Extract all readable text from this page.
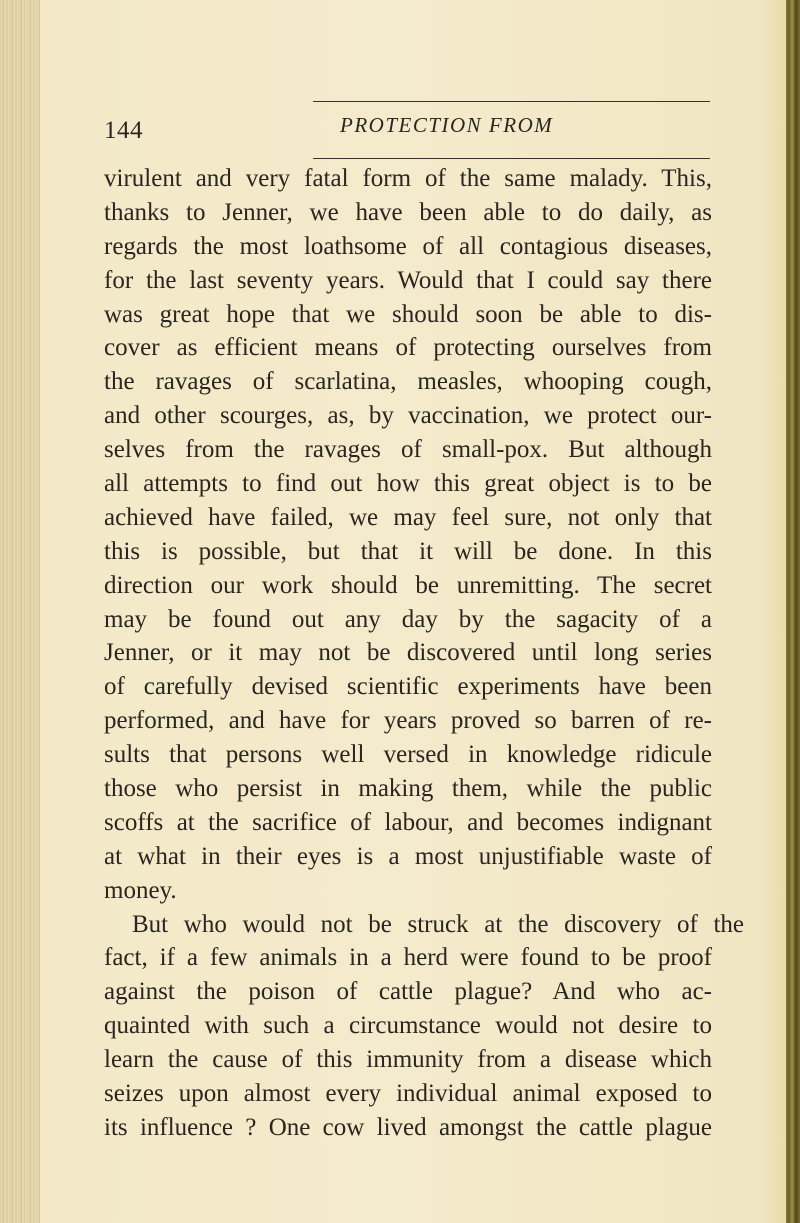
144	PROTECTION FROM
virulent and very fatal form of the same malady. This,
thanks to Jenner, we have been able to do daily, as
regards the most loathsome of all contagious diseases,
for the last seventy years. Would that I could say there
was great hope that we should soon be able to dis-
cover as efficient means of protecting ourselves from
the ravages of scarlatina, measles, whooping cough,
and other scourges, as, by vaccination, we protect our-
selves from the ravages of small-pox. But although
all attempts to find out how this great object is to be
achieved have failed, we may feel sure, not only that
this is possible, but that it will be done. In this
direction our work should be unremitting. The secret
may be found out any day by the sagacity of a
Jenner, or it may not be discovered until long series
of carefully devised scientific experiments have been
performed, and have for years proved so barren of re-
sults that persons well versed in knowledge ridicule
those who persist in making them, while the public
scoffs at the sacrifice of labour, and becomes indignant
at what in their eyes is a most unjustifiable waste of
money.
But who would not be struck at the discovery of the
fact, if a few animals in a herd were found to be proof
against the poison of cattle plague? And who ac-
quainted with such a circumstance would not desire to
learn the cause of this immunity from a disease which
seizes upon almost every individual animal exposed to
its influence ? One cow lived amongst the cattle plague
